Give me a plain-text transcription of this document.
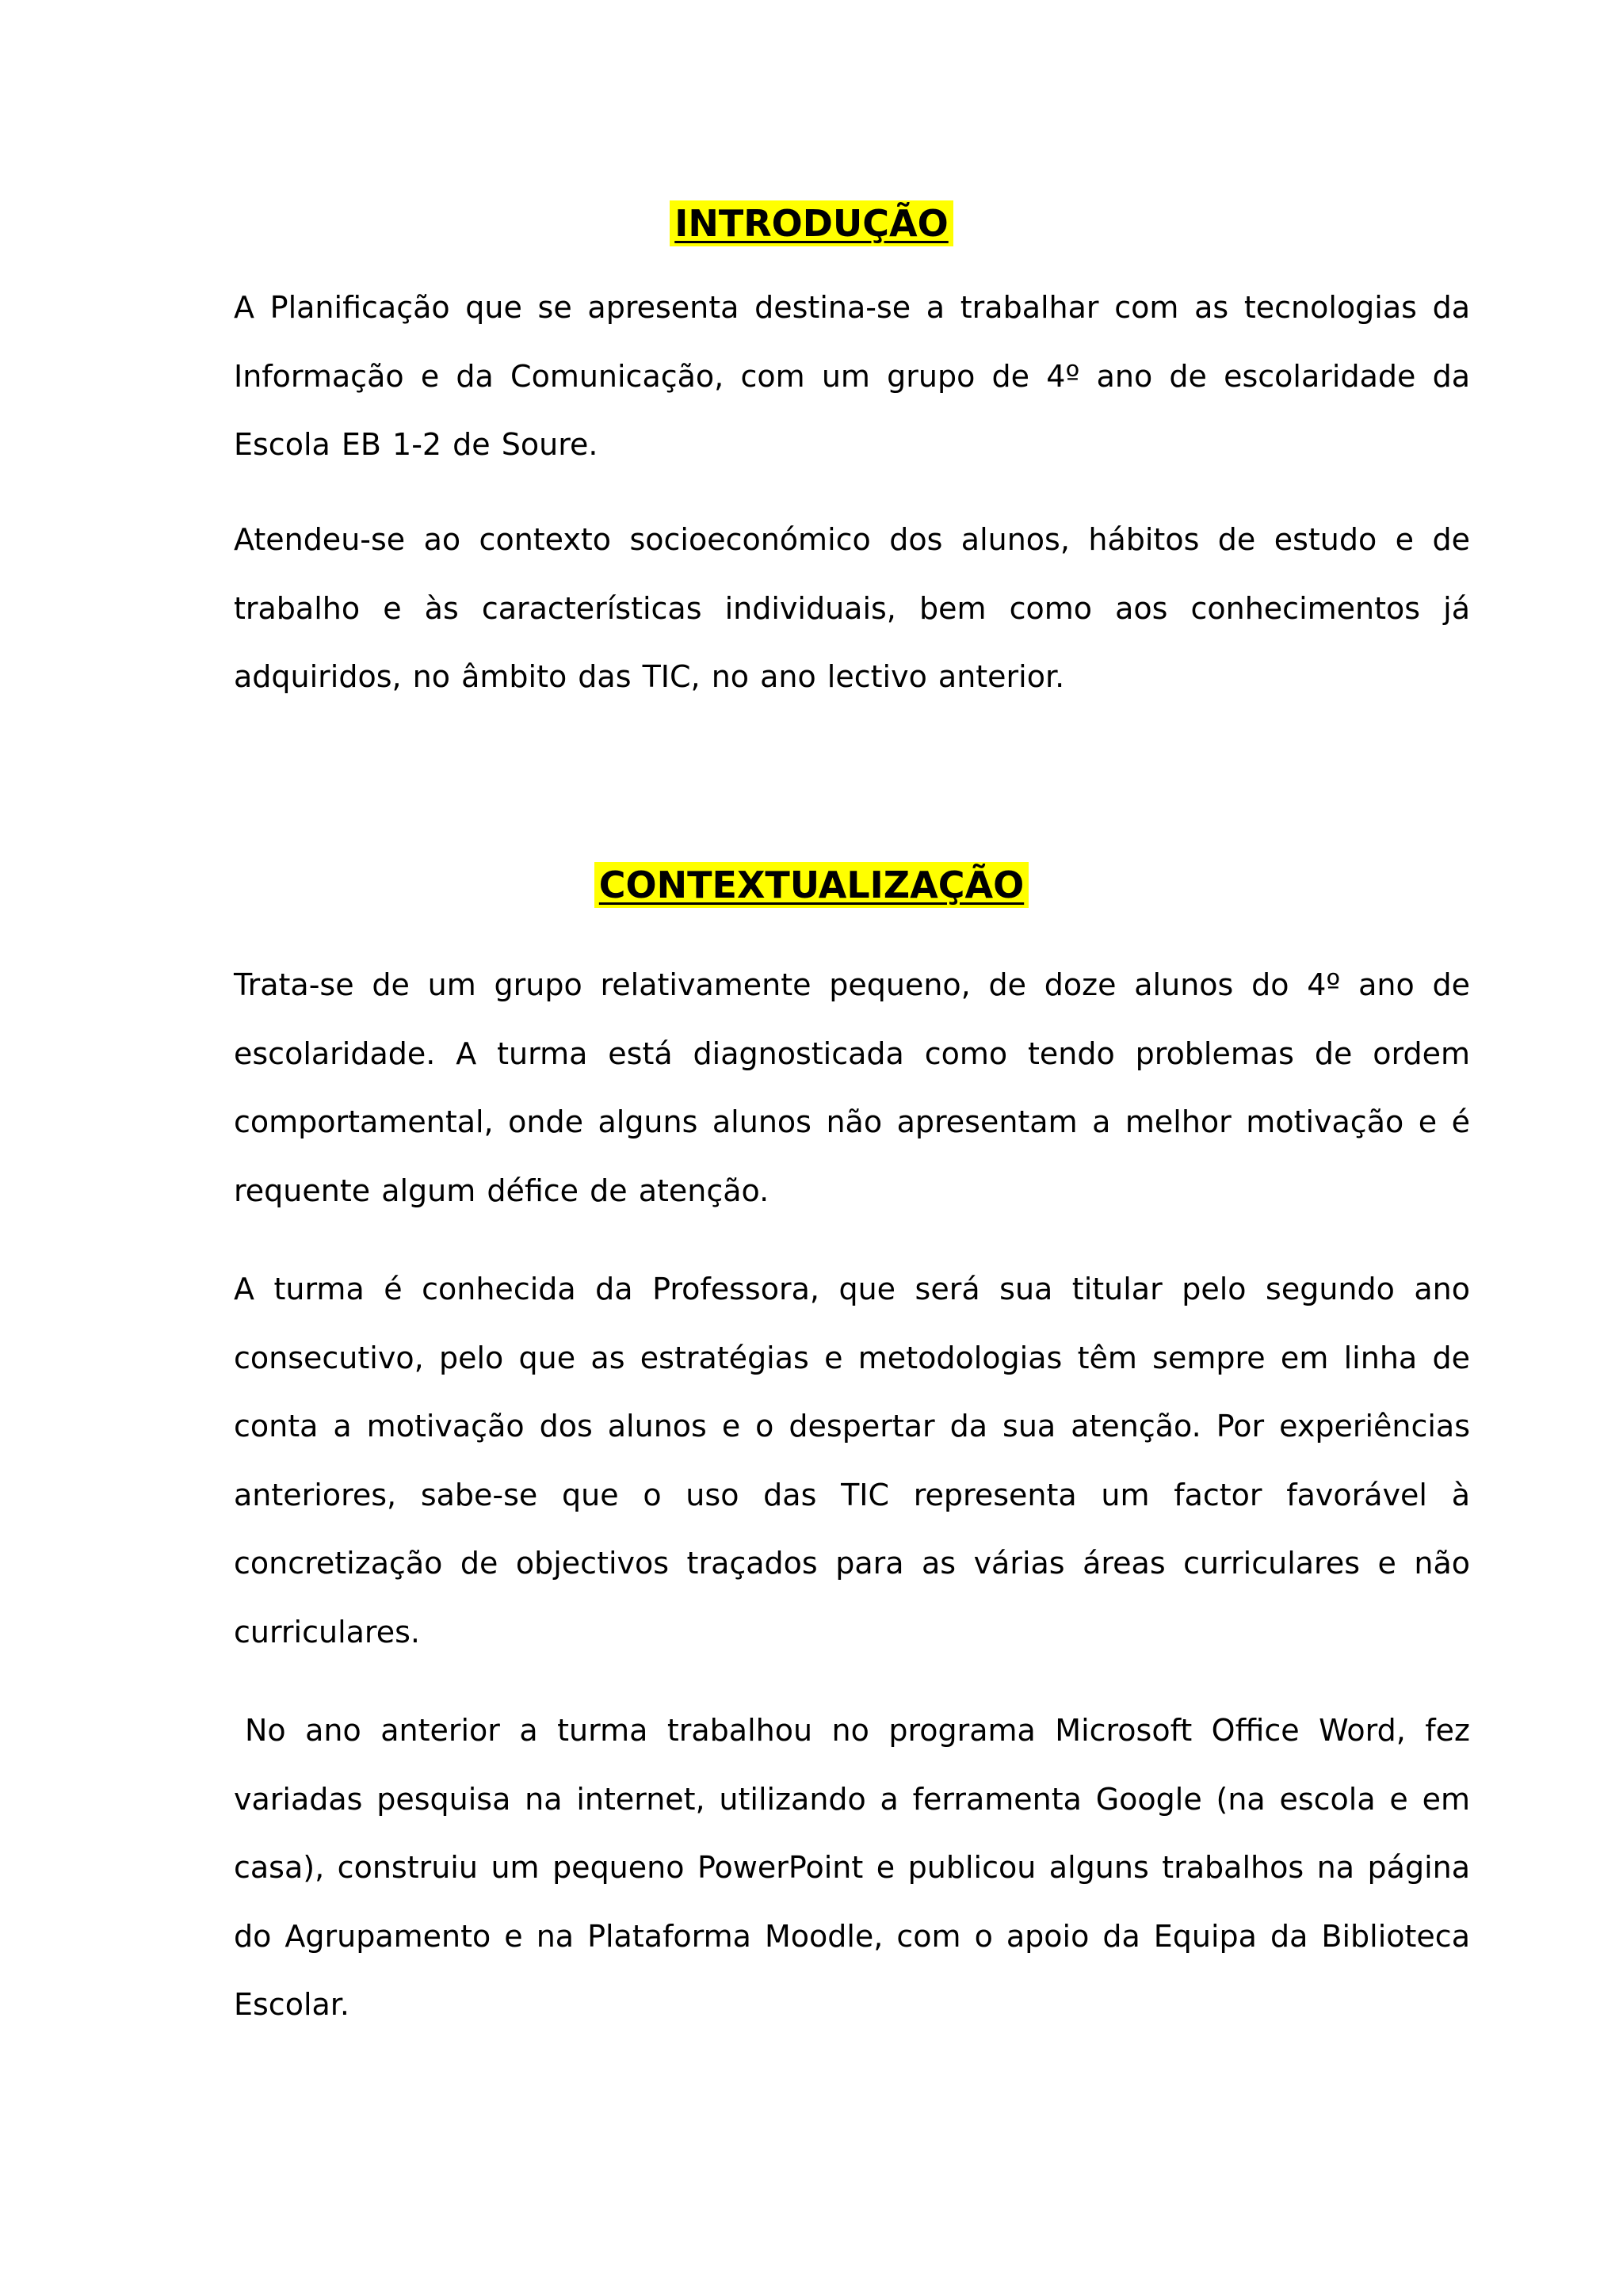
INTRODUÇÃO

A Planificação que se apresenta destina-se a trabalhar com as tecnologias da Informação e da Comunicação, com um grupo de 4º ano de escolaridade da Escola EB 1-2 de Soure.

Atendeu-se ao contexto socioeconómico dos alunos, hábitos de estudo e de trabalho e às características individuais, bem como aos conhecimentos já adquiridos, no âmbito das TIC, no ano lectivo anterior.

CONTEXTUALIZAÇÃO

Trata-se de um grupo relativamente pequeno, de doze alunos do 4º ano de escolaridade. A turma está diagnosticada como tendo problemas de ordem comportamental, onde alguns alunos não apresentam a melhor motivação e é requente algum défice de atenção.

A turma é conhecida da Professora, que será sua titular pelo segundo ano consecutivo, pelo que as estratégias e metodologias têm sempre em linha de conta a motivação dos alunos e o despertar da sua atenção. Por experiências anteriores, sabe-se que o uso das TIC representa um factor favorável à concretização de objectivos traçados para as várias áreas curriculares e não curriculares.

No ano anterior a turma trabalhou no programa Microsoft Office Word, fez variadas pesquisa na internet, utilizando a ferramenta Google (na escola e em casa), construiu um pequeno PowerPoint e publicou alguns trabalhos na página do Agrupamento e na Plataforma Moodle, com o apoio da Equipa da Biblioteca Escolar.
